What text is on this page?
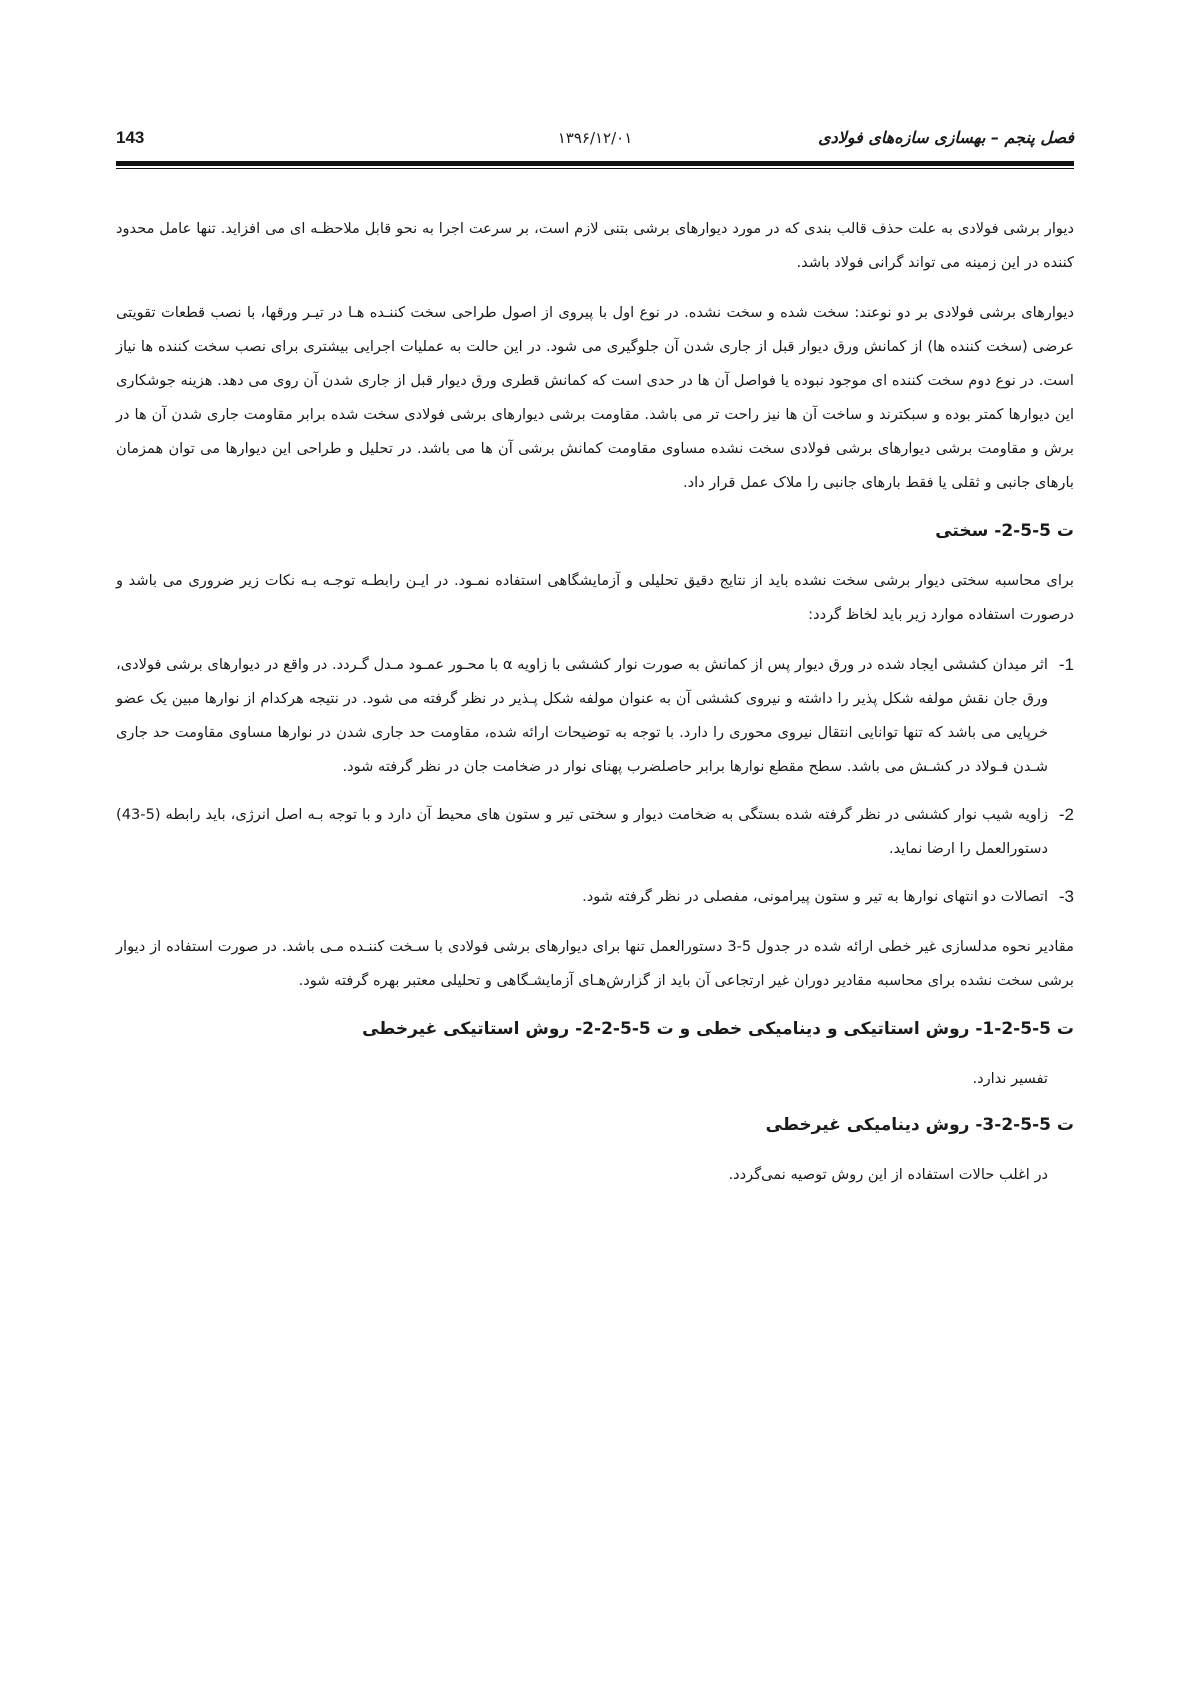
فصل پنجم – بهسازی سازه‌های فولادی
۱۳۹۶/۱۲/۰۱
143

دیوار برشی فولادی به علت حذف قالب بندی که در مورد دیوارهای برشی بتنی لازم است، بر سرعت اجرا به نحو قابل ملاحظـه ای می افزاید. تنها عامل محدود کننده در این زمینه می تواند گرانی فولاد باشد.

دیوارهای برشی فولادی بر دو نوعند: سخت شده و سخت نشده. در نوع اول با پیروی از اصول طراحی سخت کننـده هـا در تیـر ورقها، با نصب قطعات تقویتی عرضی (سخت کننده ها) از کمانش ورق دیوار قبل از جاری شدن آن جلوگیری می شود. در این حالت به عملیات اجرایی بیشتری برای نصب سخت کننده ها نیاز است. در نوع دوم سخت کننده ای موجود نبوده یا فواصل آن ها در حدی است که کمانش قطری ورق دیوار قبل از جاری شدن آن روی می دهد. هزینه جوشکاری این دیوارها کمتر بوده و سبکترند و ساخت آن ها نیز راحت تر می باشد. مقاومت برشی دیوارهای برشی فولادی سخت شده برابر مقاومت جاری شدن آن ها در برش و مقاومت برشی دیوارهای برشی فولادی سخت نشده مساوی مقاومت کمانش برشی آن ها می باشد. در تحلیل و طراحی این دیوارها می توان همزمان بارهای جانبی و ثقلی یا فقط بارهای جانبی را ملاک عمل قرار داد.

ت 5-5-2- سختی

برای محاسبه سختی دیوار برشی سخت نشده باید از نتایج دقیق تحلیلی و آزمایشگاهی استفاده نمـود. در ایـن رابطـه توجـه بـه نکات زیر ضروری می باشد و درصورت استفاده موارد زیر باید لخاظ گردد:

1-
اثر میدان کششی ایجاد شده در ورق دیوار پس از کمانش به صورت نوار کششی با زاویه α با محـور عمـود مـدل گـردد. در واقع در دیوارهای برشی فولادی، ورق جان نقش مولفه شکل پذیر را داشته و نیروی کششی آن به عنوان مولفه شکل پـذیر در نظر گرفته می شود. در نتیجه هرکدام از نوارها مبین یک عضو خرپایی می باشد که تنها توانایی انتقال نیروی محوری را دارد. با توجه به توضیحات ارائه شده، مقاومت حد جاری شدن در نوارها مساوی مقاومت حد جاری شـدن فـولاد در کشـش می باشد. سطح مقطع نوارها برابر حاصلضرب پهنای نوار در ضخامت جان در نظر گرفته شود.
2-
زاویه شیب نوار کششی در نظر گرفته شده بستگی به ضخامت دیوار و سختی تیر و ستون های محیط آن دارد و با توجه بـه اصل انرژی، باید رابطه (5-43) دستورالعمل را ارضا نماید.
3-
اتصالات دو انتهای نوارها به تیر و ستون پیرامونی، مفصلی در نظر گرفته شود.

مقادیر نحوه مدلسازی غیر خطی ارائه شده در جدول 5-3 دستورالعمل تنها برای دیوارهای برشی فولادی با سـخت کننـده مـی باشد. در صورت استفاده از دیوار برشی سخت نشده برای محاسبه مقادیر دوران غیر ارتجاعی آن باید از گزارش‌هـای آزمایشـگاهی و تحلیلی معتبر بهره گرفته شود.

ت 5-5-2-1- روش استاتیکی و دینامیکی خطی و ت 5-5-2-2- روش استاتیکی غیرخطی

تفسیر ندارد.

ت 5-5-2-3- روش دینامیکی غیرخطی

در اغلب حالات استفاده از این روش توصیه نمی‌گردد.
